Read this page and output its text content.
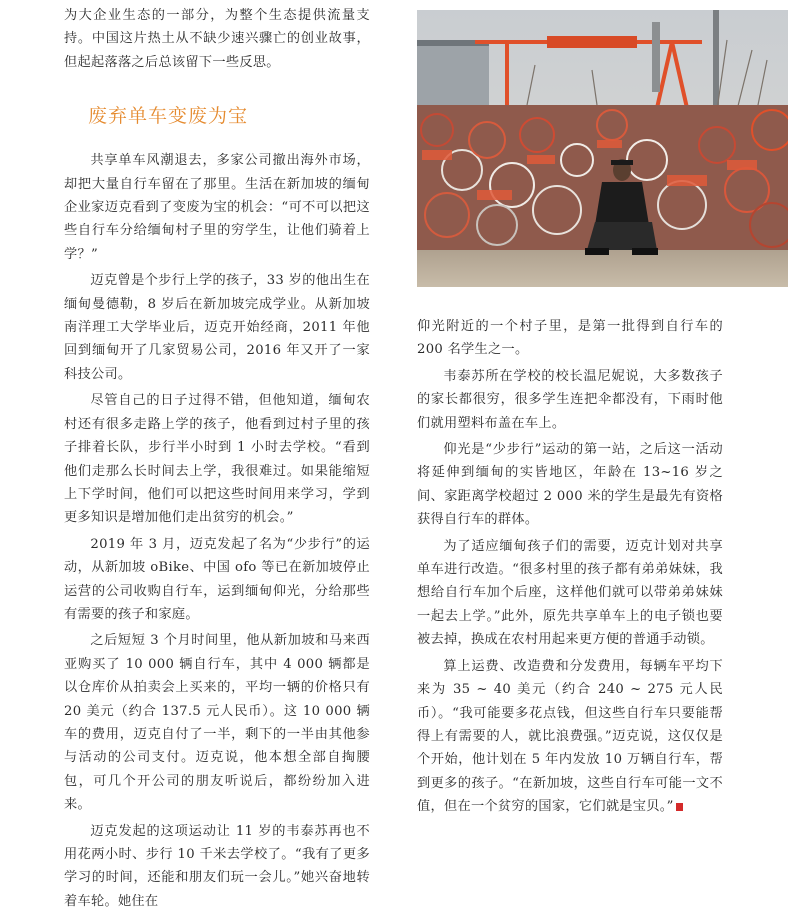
为大企业生态的一部分，为整个生态提供流量支持。中国这片热土从不缺少速兴骤亡的创业故事，但起起落落之后总该留下一些反思。

废弃单车变废为宝

共享单车风潮退去，多家公司撤出海外市场，却把大量自行车留在了那里。生活在新加坡的缅甸企业家迈克看到了变废为宝的机会：“可不可以把这些自行车分给缅甸村子里的穷学生，让他们骑着上学？”

迈克曾是个步行上学的孩子，33 岁的他出生在缅甸曼德勒，8 岁后在新加坡完成学业。从新加坡南洋理工大学毕业后，迈克开始经商，2011 年他回到缅甸开了几家贸易公司，2016 年又开了一家科技公司。

尽管自己的日子过得不错，但他知道，缅甸农村还有很多走路上学的孩子，他看到过村子里的孩子排着长队，步行半小时到 1 小时去学校。“看到他们走那么长时间去上学，我很难过。如果能缩短上下学时间，他们可以把这些时间用来学习，学到更多知识是增加他们走出贫穷的机会。”

2019 年 3 月，迈克发起了名为“少步行”的运动，从新加坡 oBike、中国 ofo 等已在新加坡停止运营的公司收购自行车，运到缅甸仰光，分给那些有需要的孩子和家庭。

之后短短 3 个月时间里，他从新加坡和马来西亚购买了 10 000 辆自行车，其中 4 000 辆都是以仓库价从拍卖会上买来的，平均一辆的价格只有 20 美元（约合 137.5 元人民币）。这 10 000 辆车的费用，迈克自付了一半，剩下的一半由其他参与活动的公司支付。迈克说，他本想全部自掏腰包，可几个开公司的朋友听说后，都纷纷加入进来。

迈克发起的这项运动让 11 岁的韦泰苏再也不用花两小时、步行 10 千米去学校了。“我有了更多学习的时间，还能和朋友们玩一会儿。”她兴奋地转着车轮。她住在

仰光附近的一个村子里，是第一批得到自行车的 200 名学生之一。

韦泰苏所在学校的校长温尼妮说，大多数孩子的家长都很穷，很多学生连把伞都没有，下雨时他们就用塑料布盖在车上。

仰光是“少步行”运动的第一站，之后这一活动将延伸到缅甸的实皆地区，年龄在 13~16 岁之间、家距离学校超过 2 000 米的学生是最先有资格获得自行车的群体。

为了适应缅甸孩子们的需要，迈克计划对共享单车进行改造。“很多村里的孩子都有弟弟妹妹，我想给自行车加个后座，这样他们就可以带弟弟妹妹一起去上学。”此外，原先共享单车上的电子锁也要被去掉，换成在农村用起来更方便的普通手动锁。

算上运费、改造费和分发费用，每辆车平均下来为 35 ~ 40 美元（约合 240 ~ 275 元人民币）。“我可能要多花点钱，但这些自行车只要能帮得上有需要的人，就比浪费强。”迈克说，这仅仅是个开始，他计划在 5 年内发放 10 万辆自行车，帮到更多的孩子。“在新加坡，这些自行车可能一文不值，但在一个贫穷的国家，它们就是宝贝。”
